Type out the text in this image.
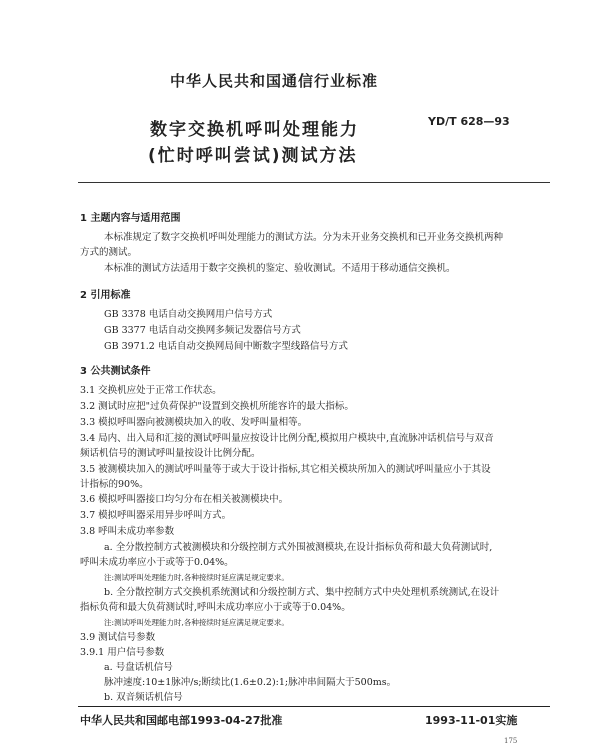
中华人民共和国通信行业标准
数字交换机呼叫处理能力
(忙时呼叫尝试)测试方法
YD/T 628—93
1 主题内容与适用范围
本标准规定了数字交换机呼叫处理能力的测试方法。分为未开业务交换机和已开业务交换机两种
方式的测试。
本标准的测试方法适用于数字交换机的鉴定、验收测试。不适用于移动通信交换机。
2 引用标准
GB 3378 电话自动交换网用户信号方式
GB 3377 电话自动交换网多频记发器信号方式
GB 3971.2 电话自动交换网局间中断数字型线路信号方式
3 公共测试条件
3.1 交换机应处于正常工作状态。
3.2 测试时应把"过负荷保护"设置到交换机所能容许的最大指标。
3.3 模拟呼叫器向被测模块加入的收、发呼叫量相等。
3.4 局内、出入局和汇接的测试呼叫量应按设计比例分配,模拟用户模块中,直流脉冲话机信号与双音
频话机信号的测试呼叫量按设计比例分配。
3.5 被测模块加入的测试呼叫量等于或大于设计指标,其它相关模块所加入的测试呼叫量应小于其设
计指标的90%。
3.6 模拟呼叫器接口均匀分布在相关被测模块中。
3.7 模拟呼叫器采用异步呼叫方式。
3.8 呼叫未成功率参数
a. 全分散控制方式被测模块和分级控制方式外围被测模块,在设计指标负荷和最大负荷测试时,
呼叫未成功率应小于或等于0.04%。
注:测试呼叫处理能力时,各种接续时延应满足规定要求。
b. 全分散控制方式交换机系统测试和分级控制方式、集中控制方式中央处理机系统测试,在设计
指标负荷和最大负荷测试时,呼叫未成功率应小于或等于0.04%。
注:测试呼叫处理能力时,各种接续时延应满足规定要求。
3.9 测试信号参数
3.9.1 用户信号参数
a. 号盘话机信号
脉冲速度:10±1脉冲/s;断续比(1.6±0.2):1;脉冲串间隔大于500ms。
b. 双音频话机信号
中华人民共和国邮电部1993-04-27批准	1993-11-01实施
175
